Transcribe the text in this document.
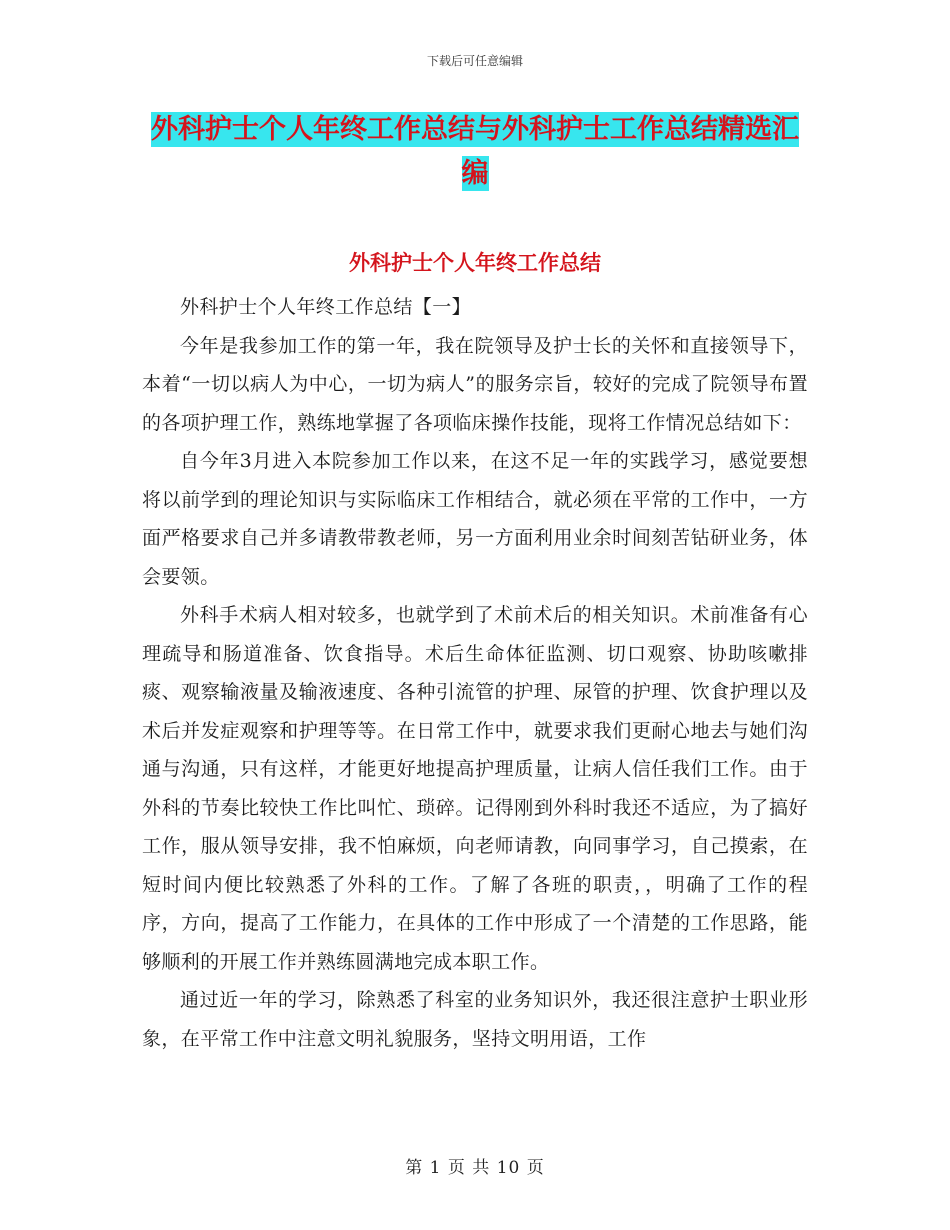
下载后可任意编辑
外科护士个人年终工作总结与外科护士工作总结精选汇编
外科护士个人年终工作总结

外科护士个人年终工作总结【一】

今年是我参加工作的第一年，我在院领导及护士长的关怀和直接领导下，本着“一切以病人为中心，一切为病人”的服务宗旨，较好的完成了院领导布置的各项护理工作，熟练地掌握了各项临床操作技能，现将工作情况总结如下：

自今年3月进入本院参加工作以来，在这不足一年的实践学习，感觉要想将以前学到的理论知识与实际临床工作相结合，就必须在平常的工作中，一方面严格要求自己并多请教带教老师，另一方面利用业余时间刻苦钻研业务，体会要领。

外科手术病人相对较多，也就学到了术前术后的相关知识。术前准备有心理疏导和肠道准备、饮食指导。术后生命体征监测、切口观察、协助咳嗽排痰、观察输液量及输液速度、各种引流管的护理、尿管的护理、饮食护理以及术后并发症观察和护理等等。在日常工作中，就要求我们更耐心地去与她们沟通与沟通，只有这样，才能更好地提高护理质量，让病人信任我们工作。由于外科的节奏比较快工作比叫忙、琐碎。记得刚到外科时我还不适应，为了搞好工作，服从领导安排，我不怕麻烦，向老师请教，向同事学习，自己摸索，在短时间内便比较熟悉了外科的工作。了解了各班的职责，，明确了工作的程序，方向，提高了工作能力，在具体的工作中形成了一个清楚的工作思路，能够顺利的开展工作并熟练圆满地完成本职工作。

通过近一年的学习，除熟悉了科室的业务知识外，我还很注意护士职业形象，在平常工作中注意文明礼貌服务，坚持文明用语，工作

第 1 页 共 10 页
